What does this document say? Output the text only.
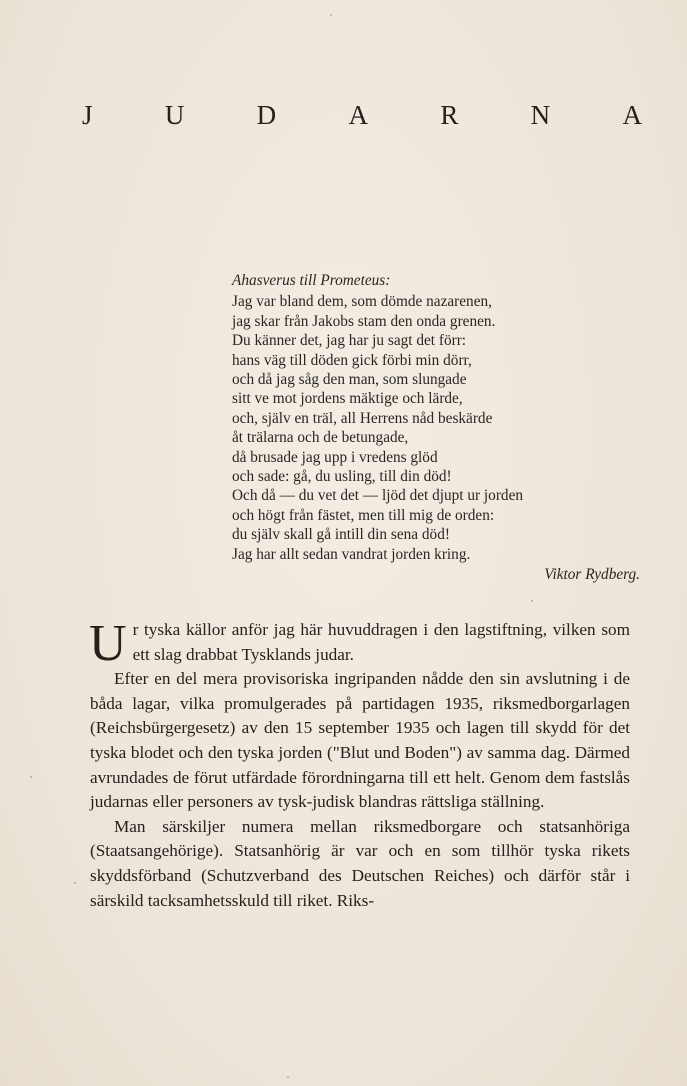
J	U	D	A	R	N	A
Ahasverus till Prometeus:
Jag var bland dem, som dömde nazarenen,
jag skar från Jakobs stam den onda grenen.
Du känner det, jag har ju sagt det förr:
hans väg till döden gick förbi min dörr,
och då jag såg den man, som slungade
sitt ve mot jordens mäktige och lärde,
och, själv en träl, all Herrens nåd beskärde
åt trälarna och de betungade,
då brusade jag upp i vredens glöd
och sade: gå, du usling, till din död!
Och då — du vet det — ljöd det djupt ur jorden
och högt från fästet, men till mig de orden:
du själv skall gå intill din sena död!
Jag har allt sedan vandrat jorden kring.
Viktor Rydberg.

Ur tyska källor anför jag här huvuddragen i den lagstiftning, vilken som ett slag drabbat Tysklands judar.

Efter en del mera provisoriska ingripanden nådde den sin avslutning i de båda lagar, vilka promulgerades på partidagen 1935, riksmedborgarlagen (Reichsbürgergesetz) av den 15 september 1935 och lagen till skydd för det tyska blodet och den tyska jorden ("Blut und Boden") av samma dag. Därmed avrundades de förut utfärdade förordningarna till ett helt. Genom dem fastslås judarnas eller personers av tysk-judisk blandras rättsliga ställning.

Man särskiljer numera mellan riksmedborgare och statsanhöriga (Staatsangehörige). Statsanhörig är var och en som tillhör tyska rikets skyddsförband (Schutzverband des Deutschen Reiches) och därför står i särskild tacksamhetsskuld till riket. Riks-
